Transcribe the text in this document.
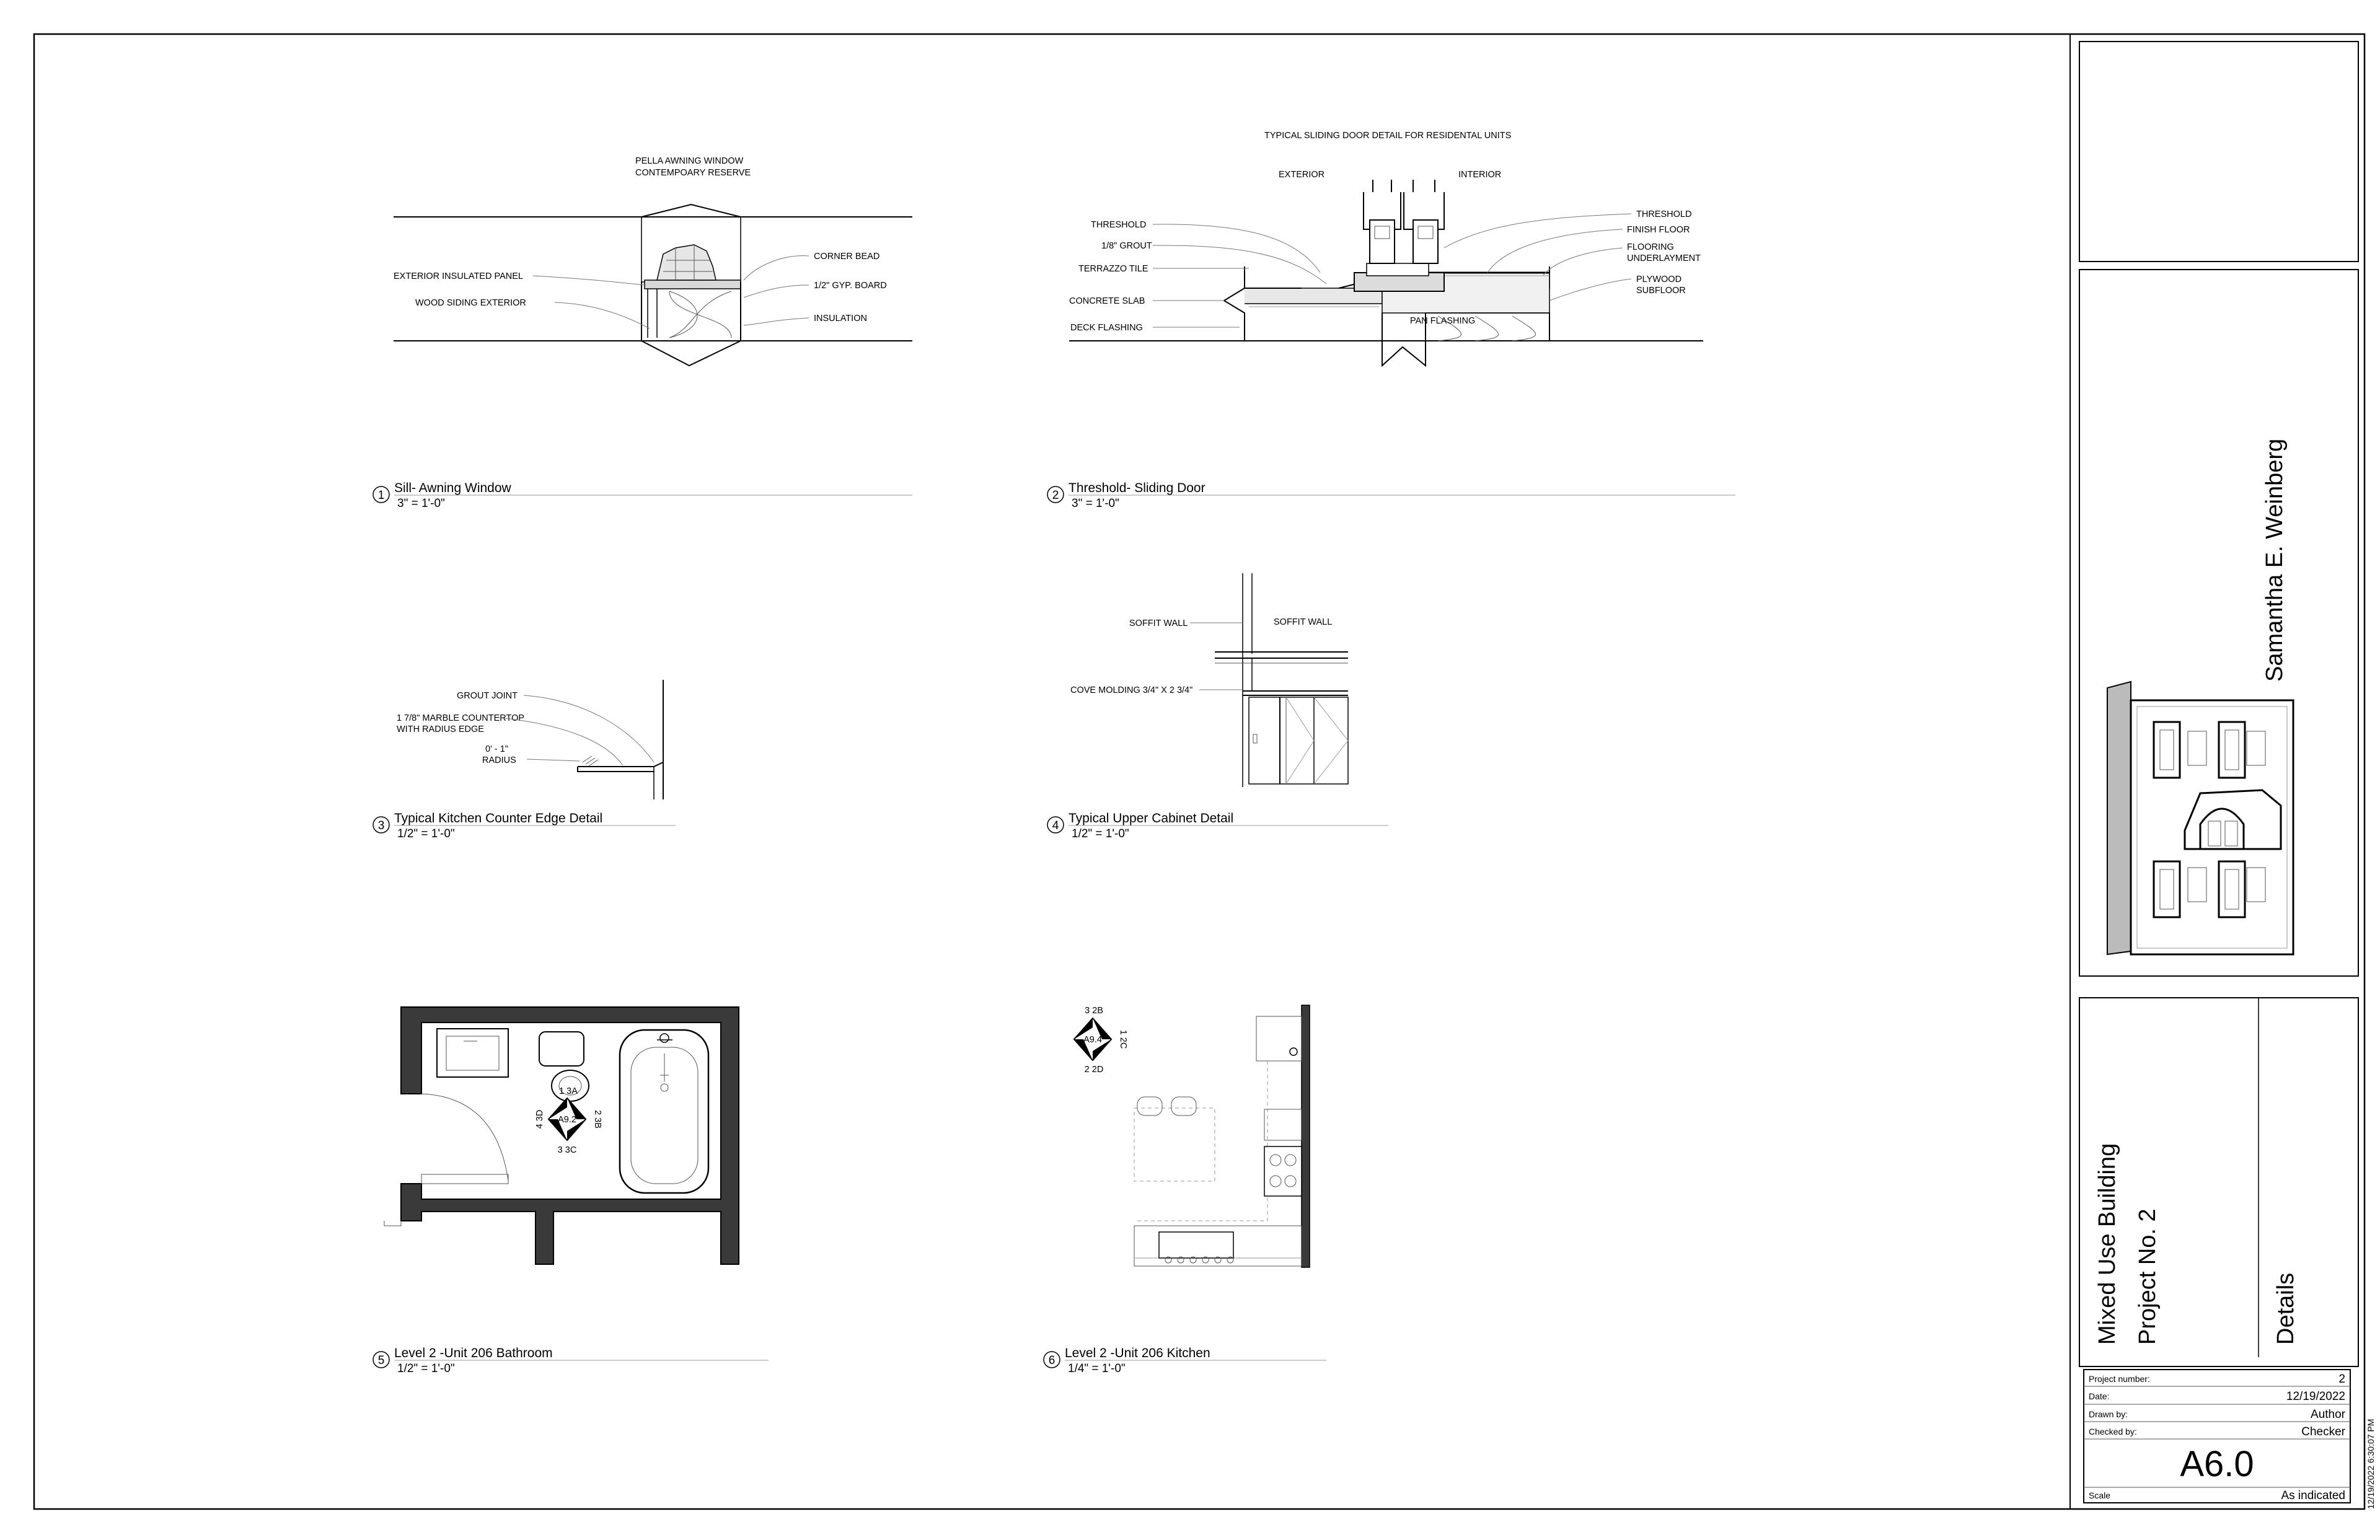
Samantha E. Weinberg
Mixed Use Building Project No. 2	Details
Project number:	2
Date:	12/19/2022
Drawn by:	Author
Checked by:	Checker
A6.0
Scale	As indicated 12/19/2022 6:30:07 PM
PELLA AWNING WINDOW
CONTEMPOARY RESERVE
EXTERIOR INSULATED PANEL
WOOD SIDING EXTERIOR
CORNER BEAD
1/2" GYP. BOARD
INSULATION
1
Sill- Awning Window
3" = 1'-0"
TYPICAL SLIDING DOOR DETAIL FOR RESIDENTAL UNITS
EXTERIOR	INTERIOR
THRESHOLD
1/8" GROUT
TERRAZZO TILE
CONCRETE SLAB
DECK FLASHING
THRESHOLD
FINISH FLOOR
FLOORING
UNDERLAYMENT
PLYWOOD
SUBFLOOR
PAN FLASHING
2
Threshold- Sliding Door
3" = 1'-0"
GROUT JOINT
1 7/8" MARBLE COUNTERTOP
WITH RADIUS EDGE
0' - 1"
RADIUS
3
Typical Kitchen Counter Edge Detail
1/2" = 1'-0"
SOFFIT WALL	SOFFIT WALL
COVE MOLDING 3/4" X 2 3/4"
4
Typical Upper Cabinet Detail
1/2" = 1'-0"
A9.2
1 3A
4 3D	2 3B
3 3C
5
Level 2 -Unit 206 Bathroom
1/2" = 1'-0"
A9.4
3 2B
1 2C
2 2D
6
Level 2 -Unit 206 Kitchen
1/4" = 1'-0"
